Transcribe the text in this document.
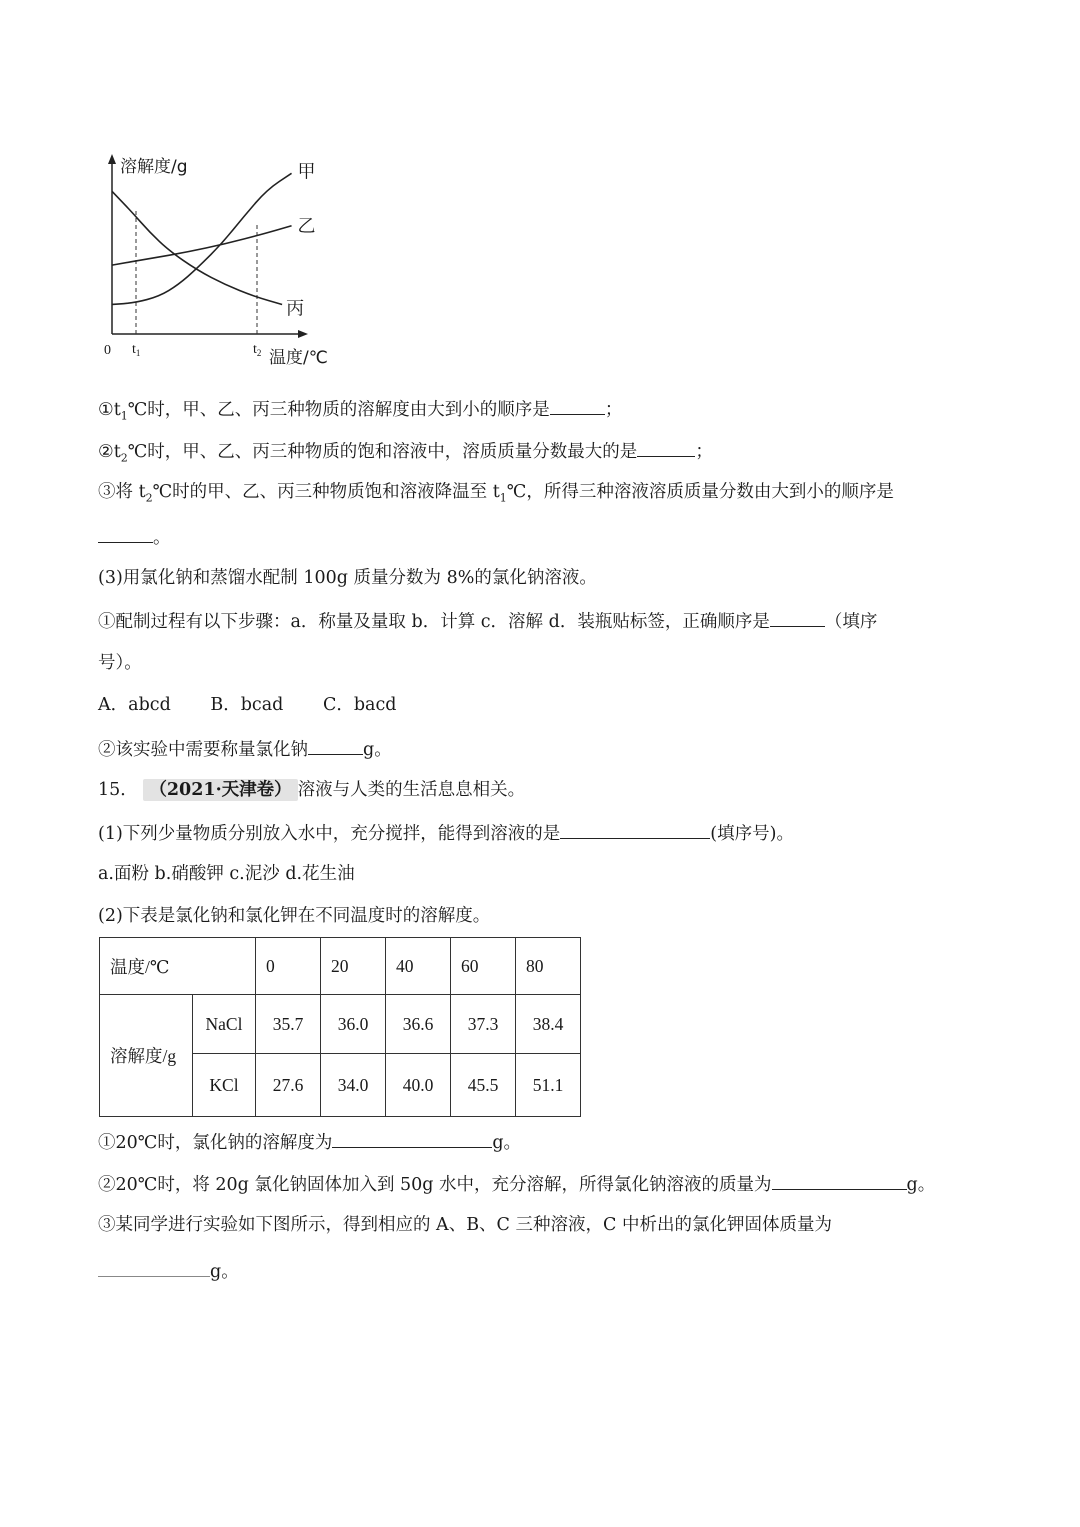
溶解度/g
温度/℃
0 $t_1$	$t_2$
甲
乙
丙
$①t_1℃$时，甲、乙、丙三种物质的溶解度由大到小的顺序是	；
$②t_2℃$时，甲、乙、丙三种物质的饱和溶液中，溶质质量分数最大的是	；
③将 $t_2℃$时的甲、乙、丙三种物质饱和溶液降温至 $t_1℃$，所得三种溶液溶质质量分数由大到小的顺序是
。
(3)用氯化钠和蒸馏水配制 100g 质量分数为 8%的氯化钠溶液。
①配制过程有以下步骤：a．称量及量取 b．计算 c．溶解 d．装瓶贴标签，正确顺序是	（填序
号）。
A．abcd B．bcad C．bacd
②该实验中需要称量氯化钠	g。
15． （2021·天津卷） 溶液与人类的生活息息相关。
(1)下列少量物质分别放入水中，充分搅拌，能得到溶液的是	(填序号)。
a.面粉 b.硝酸钾 c.泥沙 d.花生油
(2)下表是氯化钠和氯化钾在不同温度时的溶解度。
温度/℃		0	20	40	60	80
溶解度/g	NaCl	35.7	36.0	36.6	37.3	38.4
	KCl	27.6	34.0	40.0	45.5	51.1
①20℃时，氯化钠的溶解度为	g。
②20℃时，将 20g 氯化钠固体加入到 50g 水中，充分溶解，所得氯化钠溶液的质量为	g。
③某同学进行实验如下图所示，得到相应的 A、B、C 三种溶液，C 中析出的氯化钾固体质量为
g。
